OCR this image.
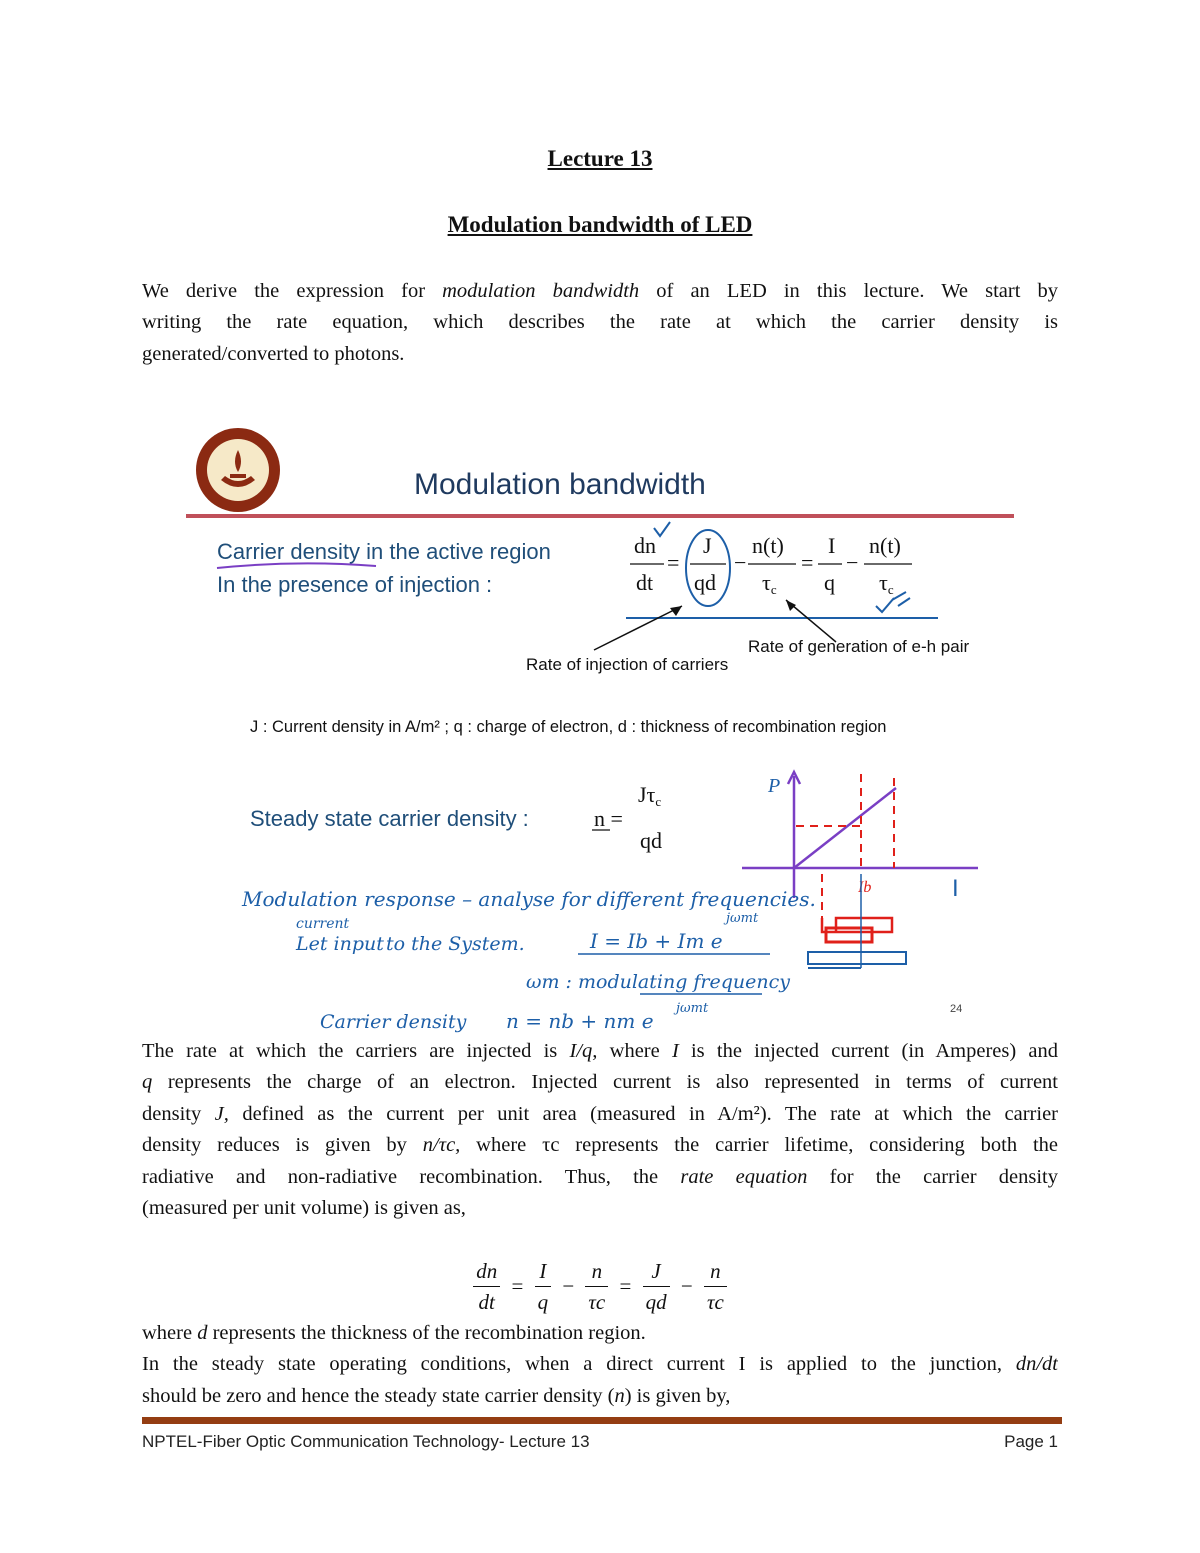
Lecture 13
Modulation bandwidth of LED
We derive the expression for modulation bandwidth of an LED in this lecture. We start by
writing the rate equation, which describes the rate at which the carrier density is
generated/converted to photons.
Modulation bandwidth
Carrier density in the active region
In the presence of injection :
dn
dt
=
J
qd
−
n(t)
τc
=
I
q
−
n(t)
τc
Rate of generation of e-h pair
Rate of injection of carriers
J : Current density in A/m² ; q : charge of electron, d : thickness of recombination region
Steady state carrier density :	n =
Jτc
qd
P
I
Ib
Modulation response – analyse for different frequencies.
current
Let input to the System.	I = Ib + Im e
jωmt
ωm : modulating frequency
Carrier density n = nb + nm e
jωmt	24
The rate at which the carriers are injected is I/q, where I is the injected current (in Amperes) and
q represents the charge of an electron. Injected current is also represented in terms of current
density J, defined as the current per unit area (measured in A/m²). The rate at which the carrier
density reduces is given by n/τc, where τc represents the carrier lifetime, considering both the
radiative and non-radiative recombination. Thus, the rate equation for the carrier density
(measured per unit volume) is given as,
$\frac{dn}{dt} = \frac{I}{q} - \frac{n}{\tau c} = \frac{J}{qd} - \frac{n}{\tau c}$
where d represents the thickness of the recombination region.
In the steady state operating conditions, when a direct current I is applied to the junction, dn/dt
should be zero and hence the steady state carrier density (n) is given by,
NPTEL-Fiber Optic Communication Technology- Lecture 13	Page 1
